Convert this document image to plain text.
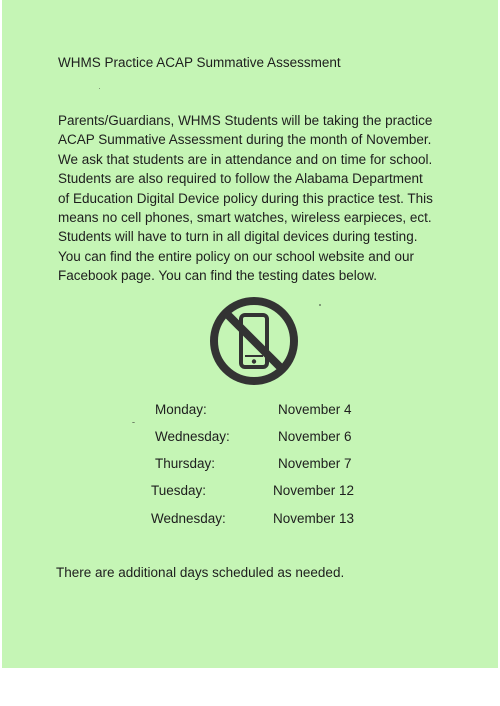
WHMS Practice ACAP Summative Assessment
Parents/Guardians, WHMS Students will be taking the practice
ACAP Summative Assessment during the month of November.
We ask that students are in attendance and on time for school.
Students are also required to follow the Alabama Department
of Education Digital Device policy during this practice test. This
means no cell phones, smart watches, wireless earpieces, ect.
Students will have to turn in all digital devices during testing.
You can find the entire policy on our school website and our
Facebook page. You can find the testing dates below.
Monday:	November 4
Wednesday:	November 6
Thursday:	November 7
Tuesday:	November 12
Wednesday:	November 13
There are additional days scheduled as needed.
